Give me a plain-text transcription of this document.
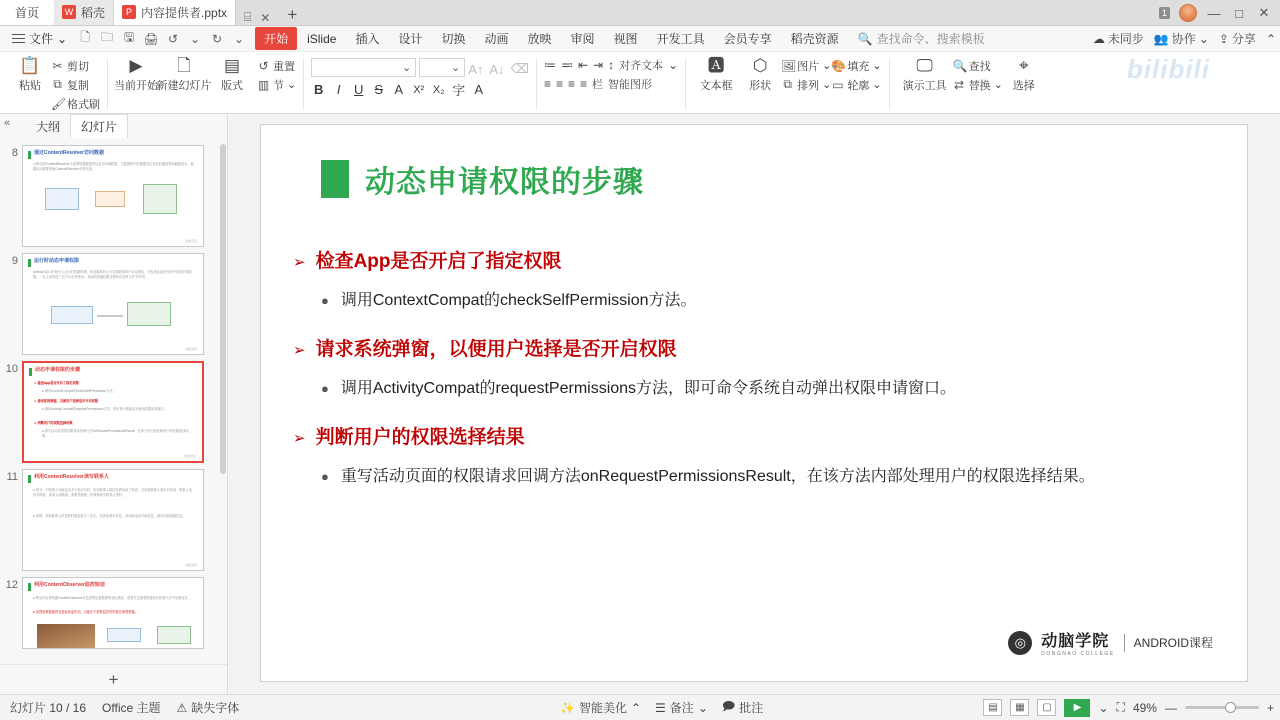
首页	W 稻壳	P 内容提供者.pptx ⌸ ✕	+	1	—	□	✕
文件 ⌄	🗋 🗀 🖫 🖨 ↺ ⌄ ↻ ⌄	开始	iSlide	插入	设计	切换	动画	放映	审阅	视图	开发工具	会员专享	稻壳资源	🔍 查找命令、搜索模板	☁ 未同步 👥 协作 ⌄ ⇪ 分享 ⌃
bilibili
📋
粘贴
✂ 剪切
⧉ 复制
🖌 格式刷
▶
当前开始
🗋
新建幻灯片
▤
版式
↺ 重置
▥ 节 ⌄
⌄	⌄ A↑ A↓ ⌫
B	I	U S A X² X₂ 字 A
≔ ≕ ⇤ ⇥ ↕ 对齐文本 ⌄
≡ ≡ ≡ ≡ 栏 智能图形
🅰
文本框
⬡
形状
🖼 图片 ⌄
⧉ 排列 ⌄
🎨 填充 ⌄
▭ 轮廓 ⌄
🖵
演示工具
🔍 查找
⇄ 替换 ⌄
⌖
选择
«	大纲	幻灯片
8	通过ContentResolver访问数据
示例代码ContentResolver示意图的数据提供以及访问流程图，当数据库中的数据发生变化时通知界面刷新显示，数据访问需要借助ContentResolver对象完成。
动脑学院
9	运行时动态申请权限
Android从6.0开始引入运行时权限机制，涉及隐私的六大类权限需用户动态授权，开发者必须在代码中动态申请权限，一旦主动授权之后方可正常使用。其余的普通权限可照常在清单文件中声明。
动脑学院
10	动态申请权限的步骤
➢ 检查App是否开启了指定权限
● 调用ContextCompat的checkSelfPermission方法。
➢ 请求系统弹窗，以便用户选择是否开启权限
● 调用ActivityCompat的requestPermissions方法，即可命令系统自动弹出权限申请窗口。
➢ 判断用户的权限选择结果
● 重写活动页面的权限请求回调方法onRequestPermissionsResult，在该方法内部处理用户的权限选择结果。
动脑学院
11	利用ContentResolver读写联系人
● 因为一个联系人可能包含多个电话号码，所以联系人的信息被拆成三张表，分别是联系人基本信息表、联系人电话号码表、联系人邮箱表。需要按照统一的规则读写联系人资料。
● 同理，读取联系人信息的时候也要分三步走，先读取基本信息，再读取电话号码信息，最后读取邮箱信息。
动脑学院
12	利用ContentObserver监控短信
● 利用内容观察器ContentObserver可监控特定数据源的变化情况，需要先注册观察器再在回调方法中处理业务。
● 前提是数据源的变更能被监听到，以便在不需要监控的时候注销观察器。
+
动态申请权限的步骤
➢ 检查App是否开启了指定权限
● 调用ContextCompat的checkSelfPermission方法。
➢ 请求系统弹窗，以便用户选择是否开启权限
● 调用ActivityCompat的requestPermissions方法，即可命令系统自动弹出权限申请窗口。
➢ 判断用户的权限选择结果
● 重写活动页面的权限请求回调方法onRequestPermissionsResult，在该方法内部处理用户的权限选择结果。
◎ 动脑学院
DONGNAO COLLEGE
ANDROID课程
幻灯片 10 / 16 Office 主题 ⚠ 缺失字体	✨ 智能美化 ⌃ ☰ 备注 ⌄ 🗩 批注	▤	▦	▢	▶	⌄ ⛶ 49% —	+
